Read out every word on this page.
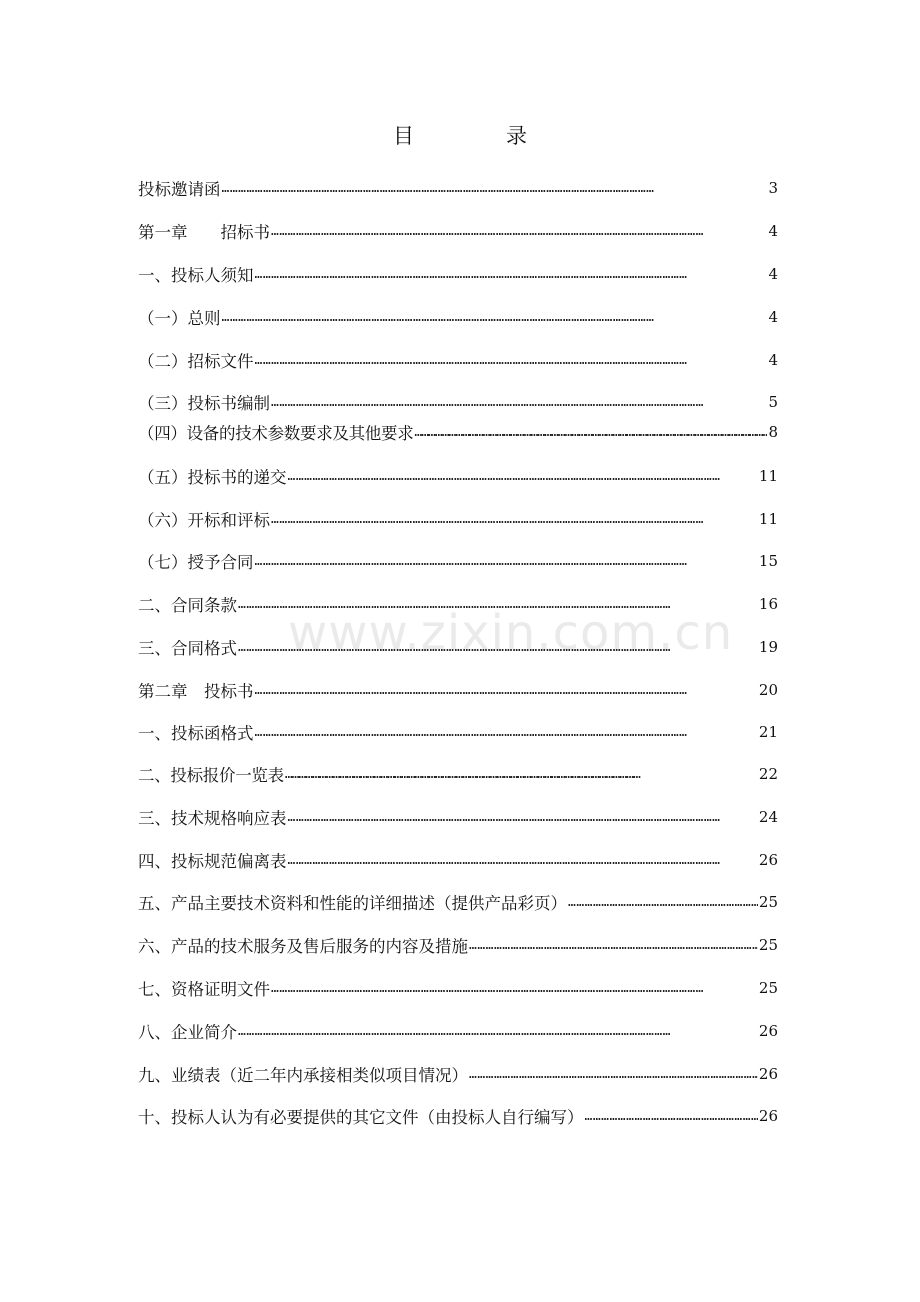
目	录
www.zixin.com.cn
投标邀请函 …………………………………………………………………………………………………………………………………………	3
第一章　　招标书 …………………………………………………………………………………………………………………………………………	4
一、投标人须知 …………………………………………………………………………………………………………………………………………	4
（一）总则 …………………………………………………………………………………………………………………………………………	4
（二）招标文件 …………………………………………………………………………………………………………………………………………	4
（三）投标书编制 …………………………………………………………………………………………………………………………………………	5
（四）设备的技术参数要求及其他要求 …………………………………………………………………………………………………………………………………………	8
（五）投标书的递交 …………………………………………………………………………………………………………………………………………	11
（六）开标和评标 …………………………………………………………………………………………………………………………………………	11
（七）授予合同 …………………………………………………………………………………………………………………………………………	15
二、合同条款 …………………………………………………………………………………………………………………………………………	16
三、合同格式 …………………………………………………………………………………………………………………………………………	19
第二章　投标书 …………………………………………………………………………………………………………………………………………	20
一、投标函格式 …………………………………………………………………………………………………………………………………………	21
二、投标报价一览表 …………………………………………………………………………………………………………………………………………	22
三、技术规格响应表 …………………………………………………………………………………………………………………………………………	24
四、投标规范偏离表 …………………………………………………………………………………………………………………………………………	26
五、产品主要技术资料和性能的详细描述（提供产品彩页） …………………………………………………………………………………………………………………………………………	25
六、产品的技术服务及售后服务的内容及措施 …………………………………………………………………………………………………………………………………………	25
七、资格证明文件 …………………………………………………………………………………………………………………………………………	25
八、企业简介 …………………………………………………………………………………………………………………………………………	26
九、业绩表（近二年内承接相类似项目情况） …………………………………………………………………………………………………………………………………………	26
十、投标人认为有必要提供的其它文件（由投标人自行编写） …………………………………………………………………………………………………………………………………………	26
